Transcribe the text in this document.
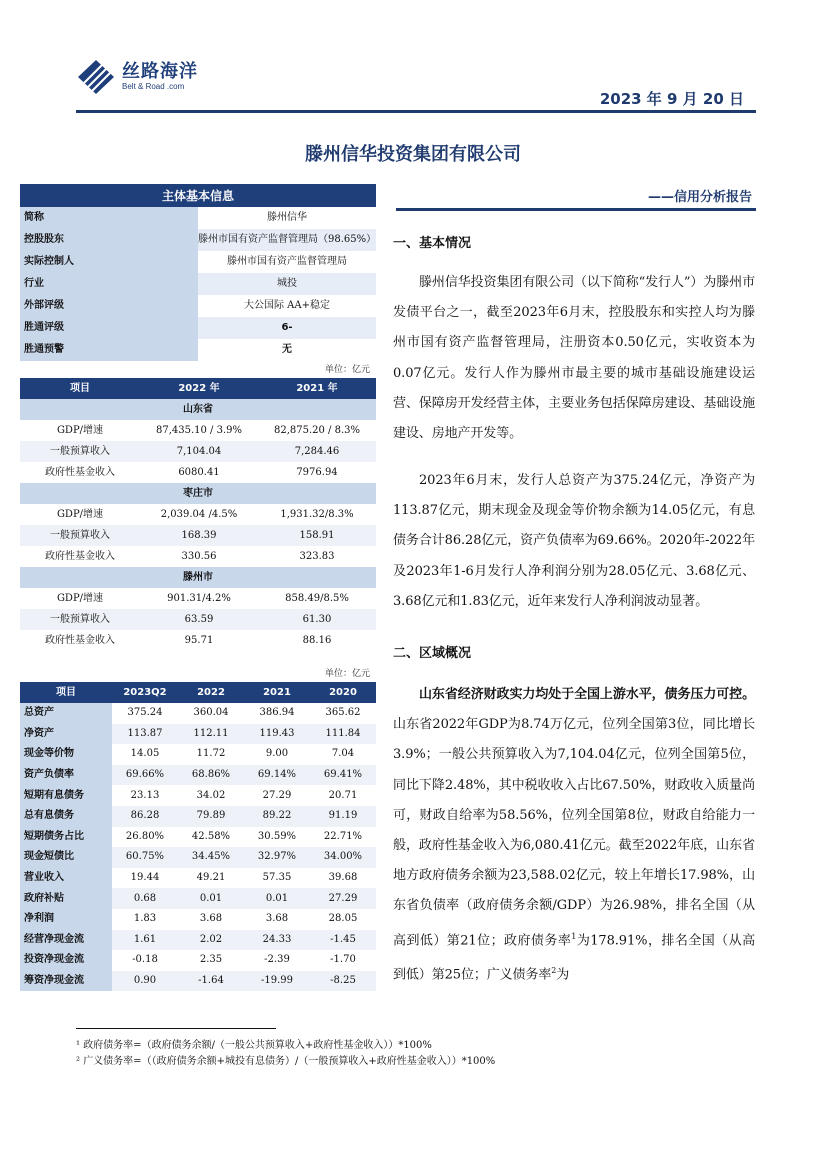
丝路海洋
Belt & Road .com
2023 年 9 月 20 日
滕州信华投资集团有限公司
主体基本信息	
简称	滕州信华
控股股东	滕州市国有资产监督管理局（98.65%）
实际控制人	滕州市国有资产监督管理局
行业	城投
外部评级	大公国际 AA+稳定
胜通评级	6-
胜通预警	无
单位：亿元
项目	2022 年	2021 年
山东省		
GDP/增速	87,435.10 / 3.9%	82,875.20 / 8.3%
一般预算收入	7,104.04	7,284.46
政府性基金收入	6080.41	7976.94
枣庄市		
GDP/增速	2,039.04 /4.5%	1,931.32/8.3%
一般预算收入	168.39	158.91
政府性基金收入	330.56	323.83
滕州市		
GDP/增速	901.31/4.2%	858.49/8.5%
一般预算收入	63.59	61.30
政府性基金收入	95.71	88.16
单位：亿元
项目	2023Q2	2022	2021	2020
总资产	375.24	360.04	386.94	365.62
净资产	113.87	112.11	119.43	111.84
现金等价物	14.05	11.72	9.00	7.04
资产负债率	69.66%	68.86%	69.14%	69.41%
短期有息债务	23.13	34.02	27.29	20.71
总有息债务	86.28	79.89	89.22	91.19
短期债务占比	26.80%	42.58%	30.59%	22.71%
现金短债比	60.75%	34.45%	32.97%	34.00%
营业收入	19.44	49.21	57.35	39.68
政府补贴	0.68	0.01	0.01	27.29
净利润	1.83	3.68	3.68	28.05
经营净现金流	1.61	2.02	24.33	-1.45
投资净现金流	-0.18	2.35	-2.39	-1.70
筹资净现金流	0.90	-1.64	-19.99	-8.25
——信用分析报告
一、基本情况

滕州信华投资集团有限公司（以下简称“发行人”）为滕州市发债平台之一，截至2023年6月末，控股股东和实控人均为滕州市国有资产监督管理局，注册资本0.50亿元，实收资本为0.07亿元。发行人作为滕州市最主要的城市基础设施建设运营、保障房开发经营主体，主要业务包括保障房建设、基础设施建设、房地产开发等。

2023年6月末，发行人总资产为375.24亿元，净资产为113.87亿元，期末现金及现金等价物余额为14.05亿元，有息债务合计86.28亿元，资产负债率为69.66%。2020年-2022年及2023年1-6月发行人净利润分别为28.05亿元、3.68亿元、3.68亿元和1.83亿元，近年来发行人净利润波动显著。

二、区域概况

山东省经济财政实力均处于全国上游水平，债务压力可控。山东省2022年GDP为8.74万亿元，位列全国第3位，同比增长3.9%；一般公共预算收入为7,104.04亿元，位列全国第5位，同比下降2.48%，其中税收收入占比67.50%，财政收入质量尚可，财政自给率为58.56%，位列全国第8位，财政自给能力一般，政府性基金收入为6,080.41亿元。截至2022年底，山东省地方政府债务余额为23,588.02亿元，较上年增长17.98%，山东省负债率（政府债务余额/GDP）为26.98%，排名全国（从高到低）第21位；政府债务率$^1$为178.91%，排名全国（从高到低）第25位；广义债务率$^2$为

¹ 政府债务率=（政府债务余额/（一般公共预算收入+政府性基金收入））*100%
² 广义债务率=（（政府债务余额+城投有息债务）/（一般预算收入+政府性基金收入））*100%
